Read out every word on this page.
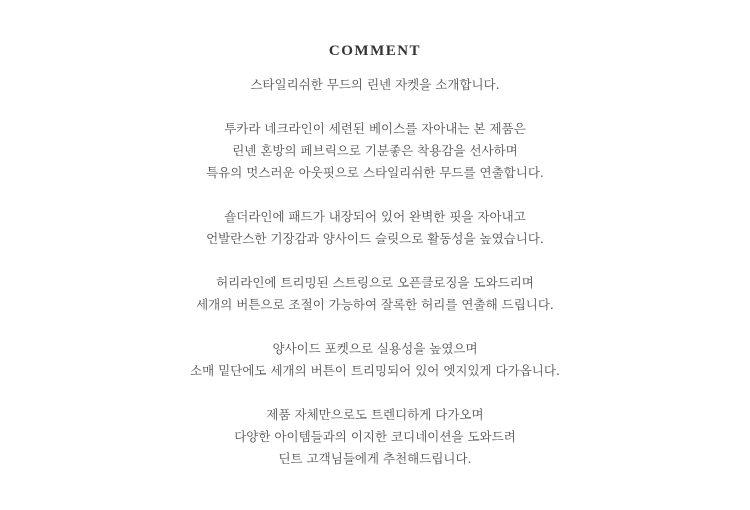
COMMENT
스타일리쉬한 무드의 린넨 자켓을 소개합니다.
투카라 네크라인이 세련된 베이스를 자아내는 본 제품은
린넨 혼방의 페브릭으로 기분좋은 착용감을 선사하며
특유의 멋스러운 아웃핏으로 스타일리쉬한 무드를 연출합니다.
숄더라인에 패드가 내장되어 있어 완벽한 핏을 자아내고
언발란스한 기장감과 양사이드 슬릿으로 활동성을 높였습니다.
허리라인에 트리밍된 스트링으로 오픈클로징을 도와드리며
세개의 버튼으로 조절이 가능하여 잘록한 허리를 연출해 드립니다.
양사이드 포켓으로 실용성을 높였으며
소매 밑단에도 세개의 버튼이 트리밍되어 있어 엣지있게 다가옵니다.
제품 자체만으로도 트렌디하게 다가오며
다양한 아이템들과의 이지한 코디네이션을 도와드려
딘트 고객님들에게 추천해드립니다.
